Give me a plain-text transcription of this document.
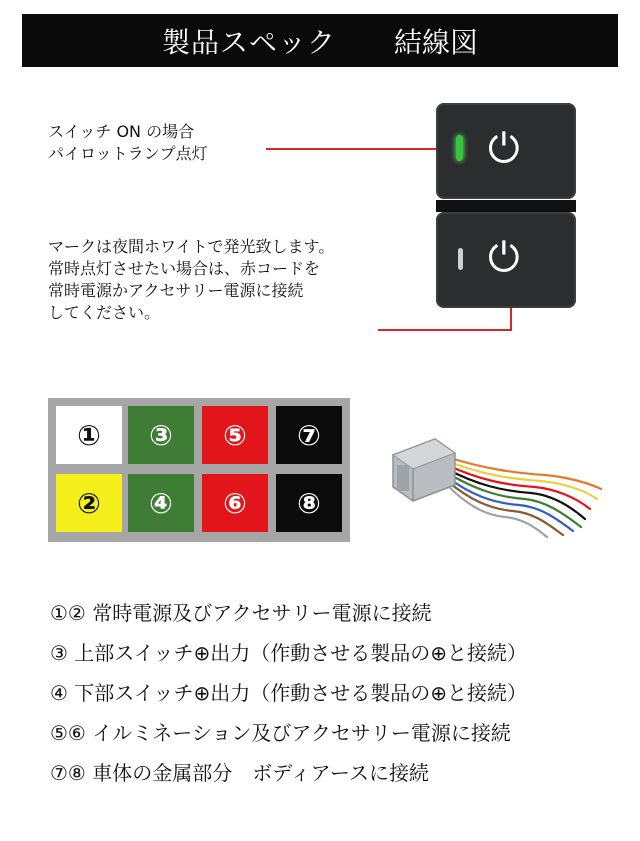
製品スペック 結線図
スイッチ ON の場合
パイロットランプ点灯
マークは夜間ホワイトで発光致します。
常時点灯させたい場合は、赤コードを
常時電源かアクセサリー電源に接続
してください。
⏻
⏻
①	③	⑤	⑦
②	④	⑥	⑧
①② 常時電源及びアクセサリー電源に接続
③ 上部スイッチ⊕出力（作動させる製品の⊕と接続）
④ 下部スイッチ⊕出力（作動させる製品の⊕と接続）
⑤⑥ イルミネーション及びアクセサリー電源に接続
⑦⑧ 車体の金属部分　ボディアースに接続
